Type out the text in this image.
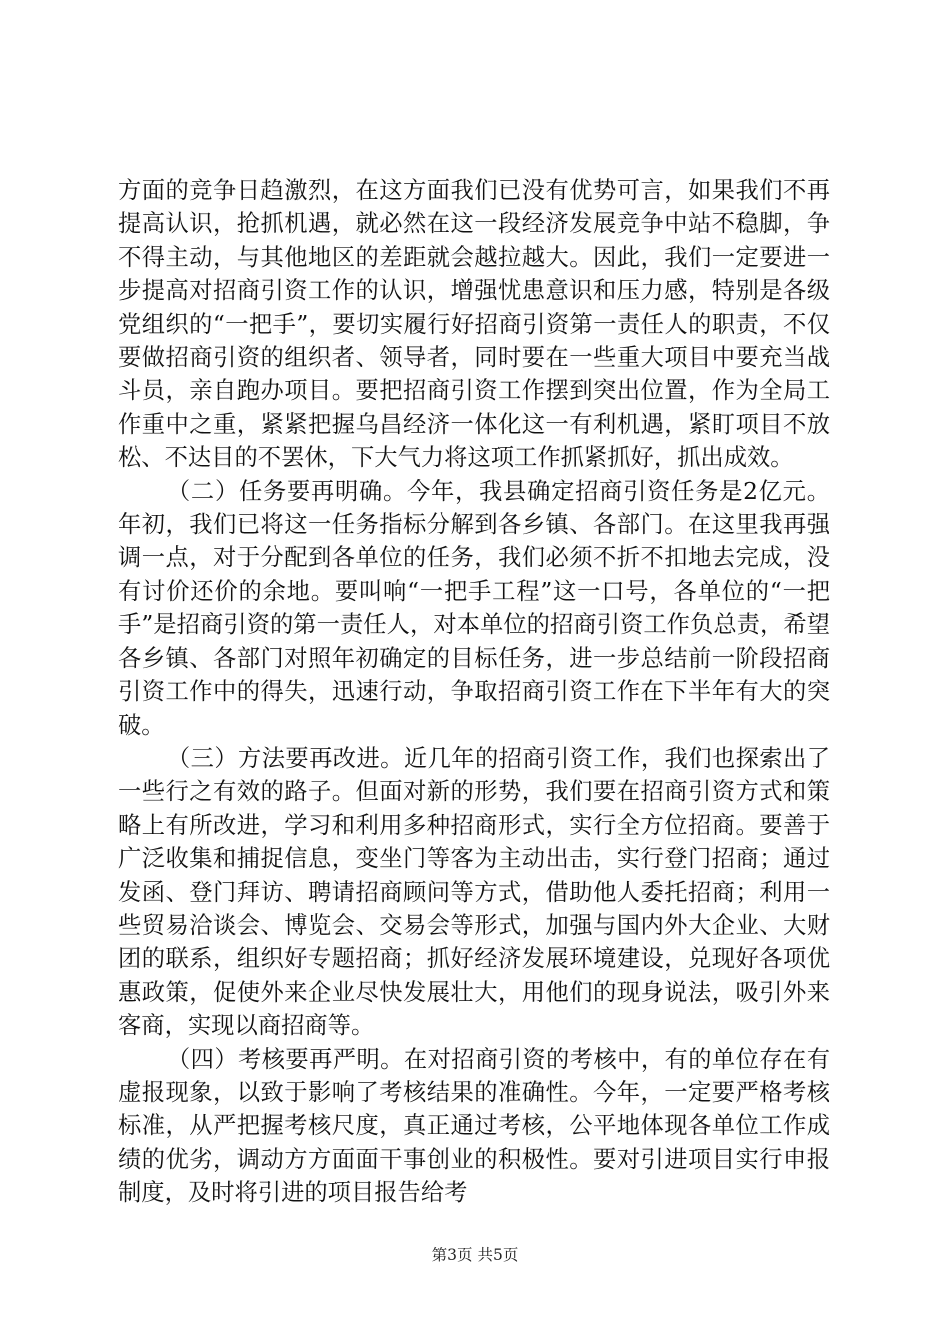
方面的竞争日趋激烈，在这方面我们已没有优势可言，如果我们不再提高认识，抢抓机遇，就必然在这一段经济发展竞争中站不稳脚，争不得主动，与其他地区的差距就会越拉越大。因此，我们一定要进一步提高对招商引资工作的认识，增强忧患意识和压力感，特别是各级党组织的“一把手”，要切实履行好招商引资第一责任人的职责，不仅要做招商引资的组织者、领导者，同时要在一些重大项目中要充当战斗员，亲自跑办项目。要把招商引资工作摆到突出位置，作为全局工作重中之重，紧紧把握乌昌经济一体化这一有利机遇，紧盯项目不放松、不达目的不罢休，下大气力将这项工作抓紧抓好，抓出成效。

（二）任务要再明确。今年，我县确定招商引资任务是2亿元。年初，我们已将这一任务指标分解到各乡镇、各部门。在这里我再强调一点，对于分配到各单位的任务，我们必须不折不扣地去完成，没有讨价还价的余地。要叫响“一把手工程”这一口号，各单位的“一把手”是招商引资的第一责任人，对本单位的招商引资工作负总责，希望各乡镇、各部门对照年初确定的目标任务，进一步总结前一阶段招商引资工作中的得失，迅速行动，争取招商引资工作在下半年有大的突破。

（三）方法要再改进。近几年的招商引资工作，我们也探索出了一些行之有效的路子。但面对新的形势，我们要在招商引资方式和策略上有所改进，学习和利用多种招商形式，实行全方位招商。要善于广泛收集和捕捉信息，变坐门等客为主动出击，实行登门招商；通过发函、登门拜访、聘请招商顾问等方式，借助他人委托招商；利用一些贸易洽谈会、博览会、交易会等形式，加强与国内外大企业、大财团的联系，组织好专题招商；抓好经济发展环境建设，兑现好各项优惠政策，促使外来企业尽快发展壮大，用他们的现身说法，吸引外来客商，实现以商招商等。

（四）考核要再严明。在对招商引资的考核中，有的单位存在有虚报现象，以致于影响了考核结果的准确性。今年，一定要严格考核标准，从严把握考核尺度，真正通过考核，公平地体现各单位工作成绩的优劣，调动方方面面干事创业的积极性。要对引进项目实行申报制度，及时将引进的项目报告给考

第3页 共5页
